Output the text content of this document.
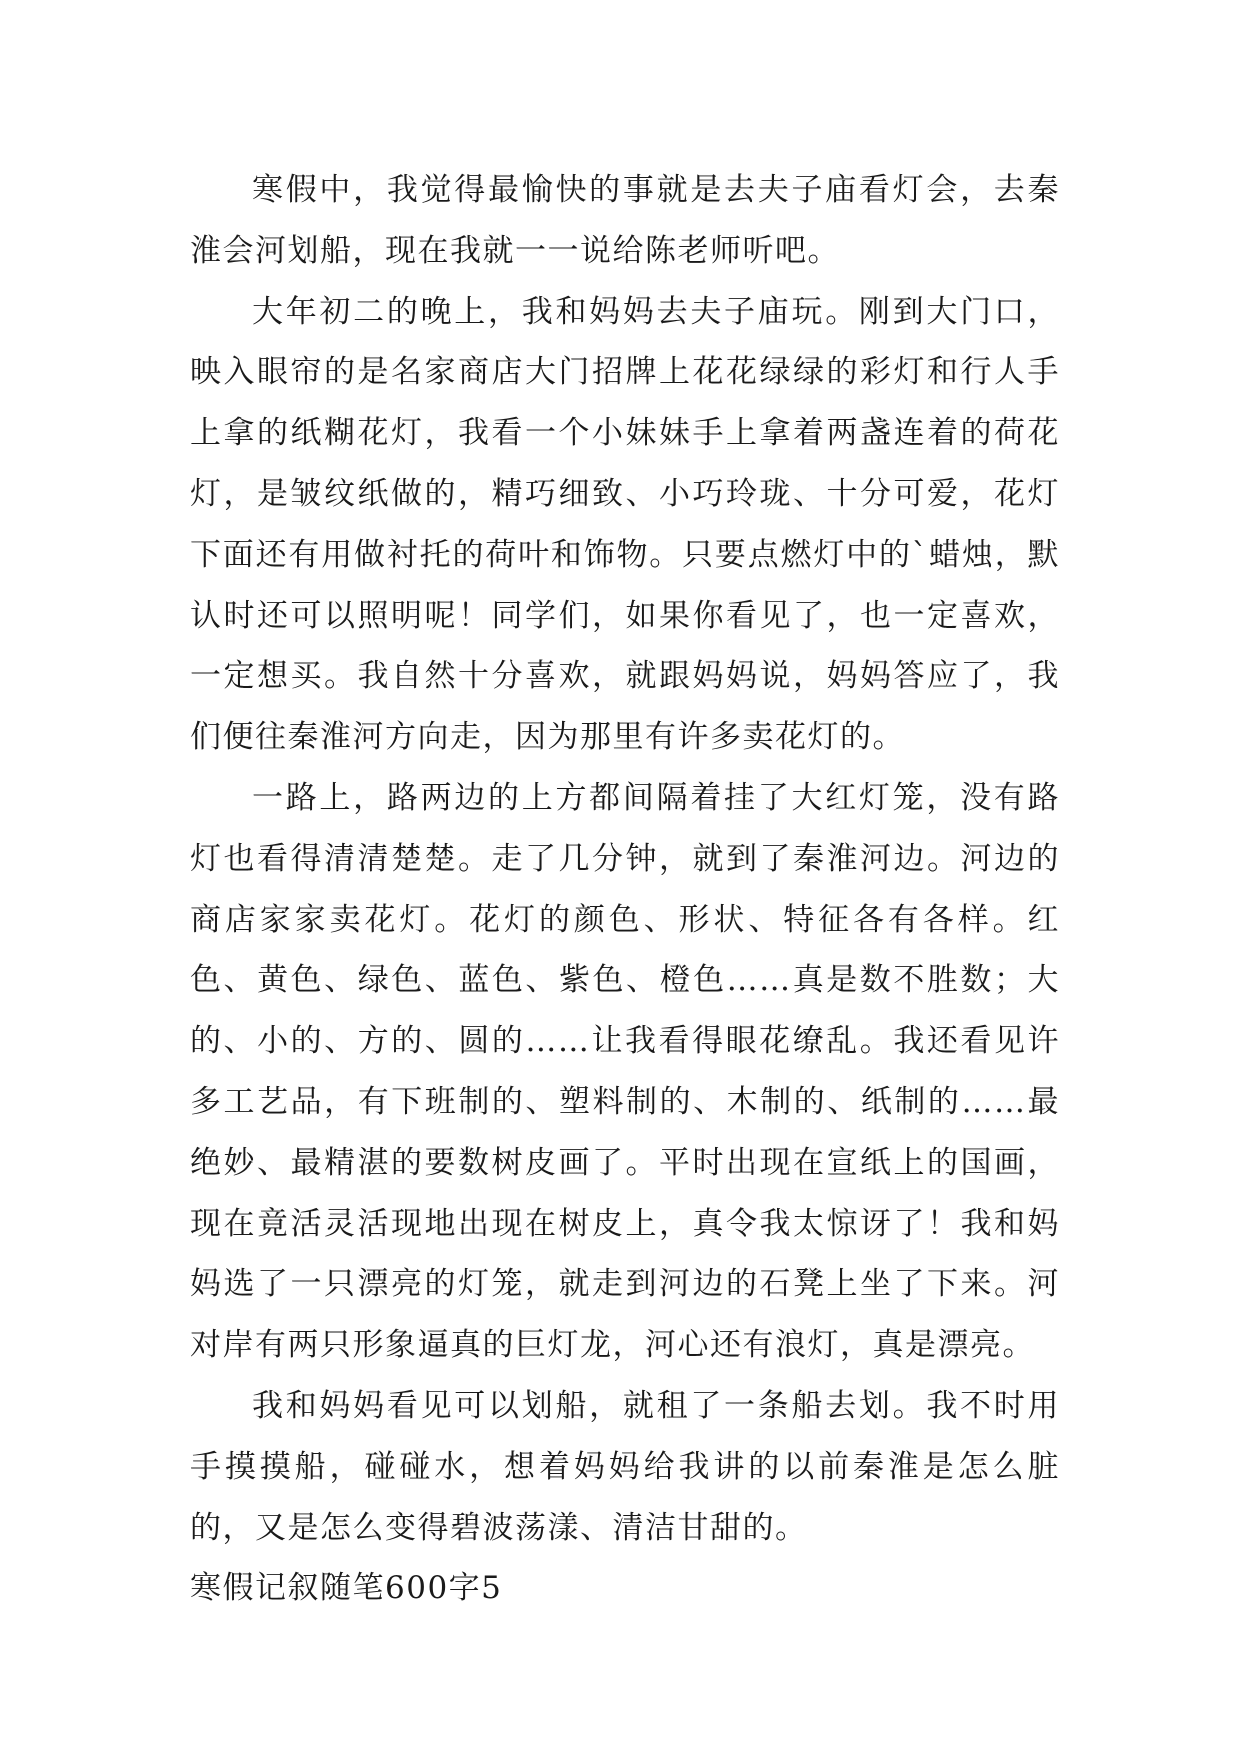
寒假中，我觉得最愉快的事就是去夫子庙看灯会，去秦淮会河划船，现在我就一一说给陈老师听吧。

大年初二的晚上，我和妈妈去夫子庙玩。刚到大门口，映入眼帘的是名家商店大门招牌上花花绿绿的彩灯和行人手上拿的纸糊花灯，我看一个小妹妹手上拿着两盏连着的荷花灯，是皱纹纸做的，精巧细致、小巧玲珑、十分可爱，花灯下面还有用做衬托的荷叶和饰物。只要点燃灯中的`蜡烛，默认时还可以照明呢！同学们，如果你看见了，也一定喜欢，一定想买。我自然十分喜欢，就跟妈妈说，妈妈答应了，我们便往秦淮河方向走，因为那里有许多卖花灯的。

一路上，路两边的上方都间隔着挂了大红灯笼，没有路灯也看得清清楚楚。走了几分钟，就到了秦淮河边。河边的商店家家卖花灯。花灯的颜色、形状、特征各有各样。红色、黄色、绿色、蓝色、紫色、橙色……真是数不胜数；大的、小的、方的、圆的……让我看得眼花缭乱。我还看见许多工艺品，有下班制的、塑料制的、木制的、纸制的……最绝妙、最精湛的要数树皮画了。平时出现在宣纸上的国画，现在竟活灵活现地出现在树皮上，真令我太惊讶了！我和妈妈选了一只漂亮的灯笼，就走到河边的石凳上坐了下来。河对岸有两只形象逼真的巨灯龙，河心还有浪灯，真是漂亮。

我和妈妈看见可以划船，就租了一条船去划。我不时用手摸摸船，碰碰水，想着妈妈给我讲的以前秦淮是怎么脏的，又是怎么变得碧波荡漾、清洁甘甜的。

寒假记叙随笔600字5
